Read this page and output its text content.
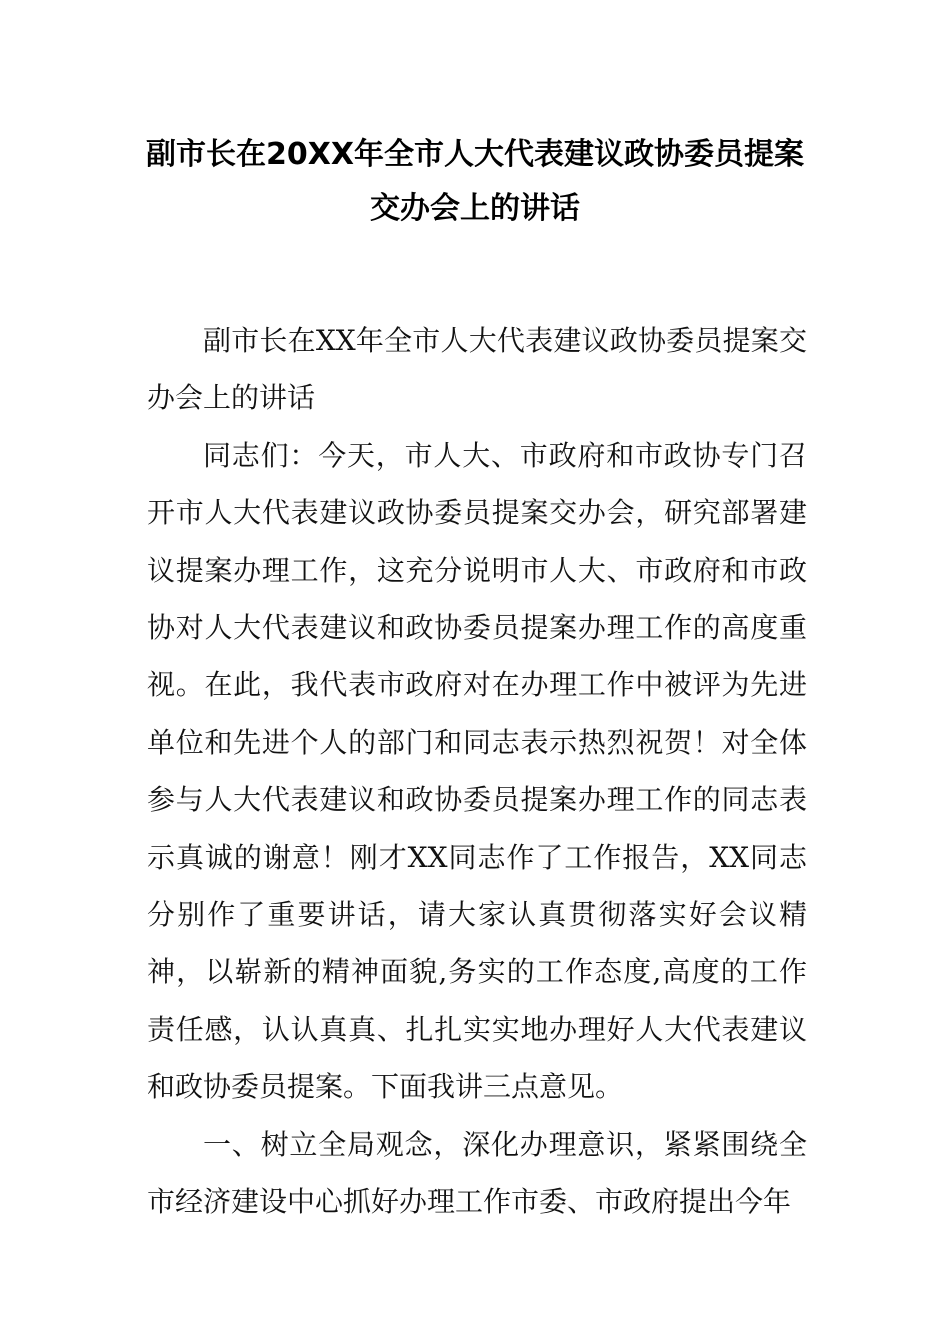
副市长在20XX年全市人大代表建议政协委员提案交办会上的讲话

副市长在XX年全市人大代表建议政协委员提案交办会上的讲话

同志们：今天，市人大、市政府和市政协专门召开市人大代表建议政协委员提案交办会，研究部署建议提案办理工作，这充分说明市人大、市政府和市政协对人大代表建议和政协委员提案办理工作的高度重视。在此，我代表市政府对在办理工作中被评为先进单位和先进个人的部门和同志表示热烈祝贺！对全体参与人大代表建议和政协委员提案办理工作的同志表示真诚的谢意！刚才XX同志作了工作报告，XX同志分别作了重要讲话，请大家认真贯彻落实好会议精神，以崭新的精神面貌,务实的工作态度,高度的工作责任感，认认真真、扎扎实实地办理好人大代表建议和政协委员提案。下面我讲三点意见。

一、树立全局观念，深化办理意识，紧紧围绕全市经济建设中心抓好办理工作市委、市政府提出今年
